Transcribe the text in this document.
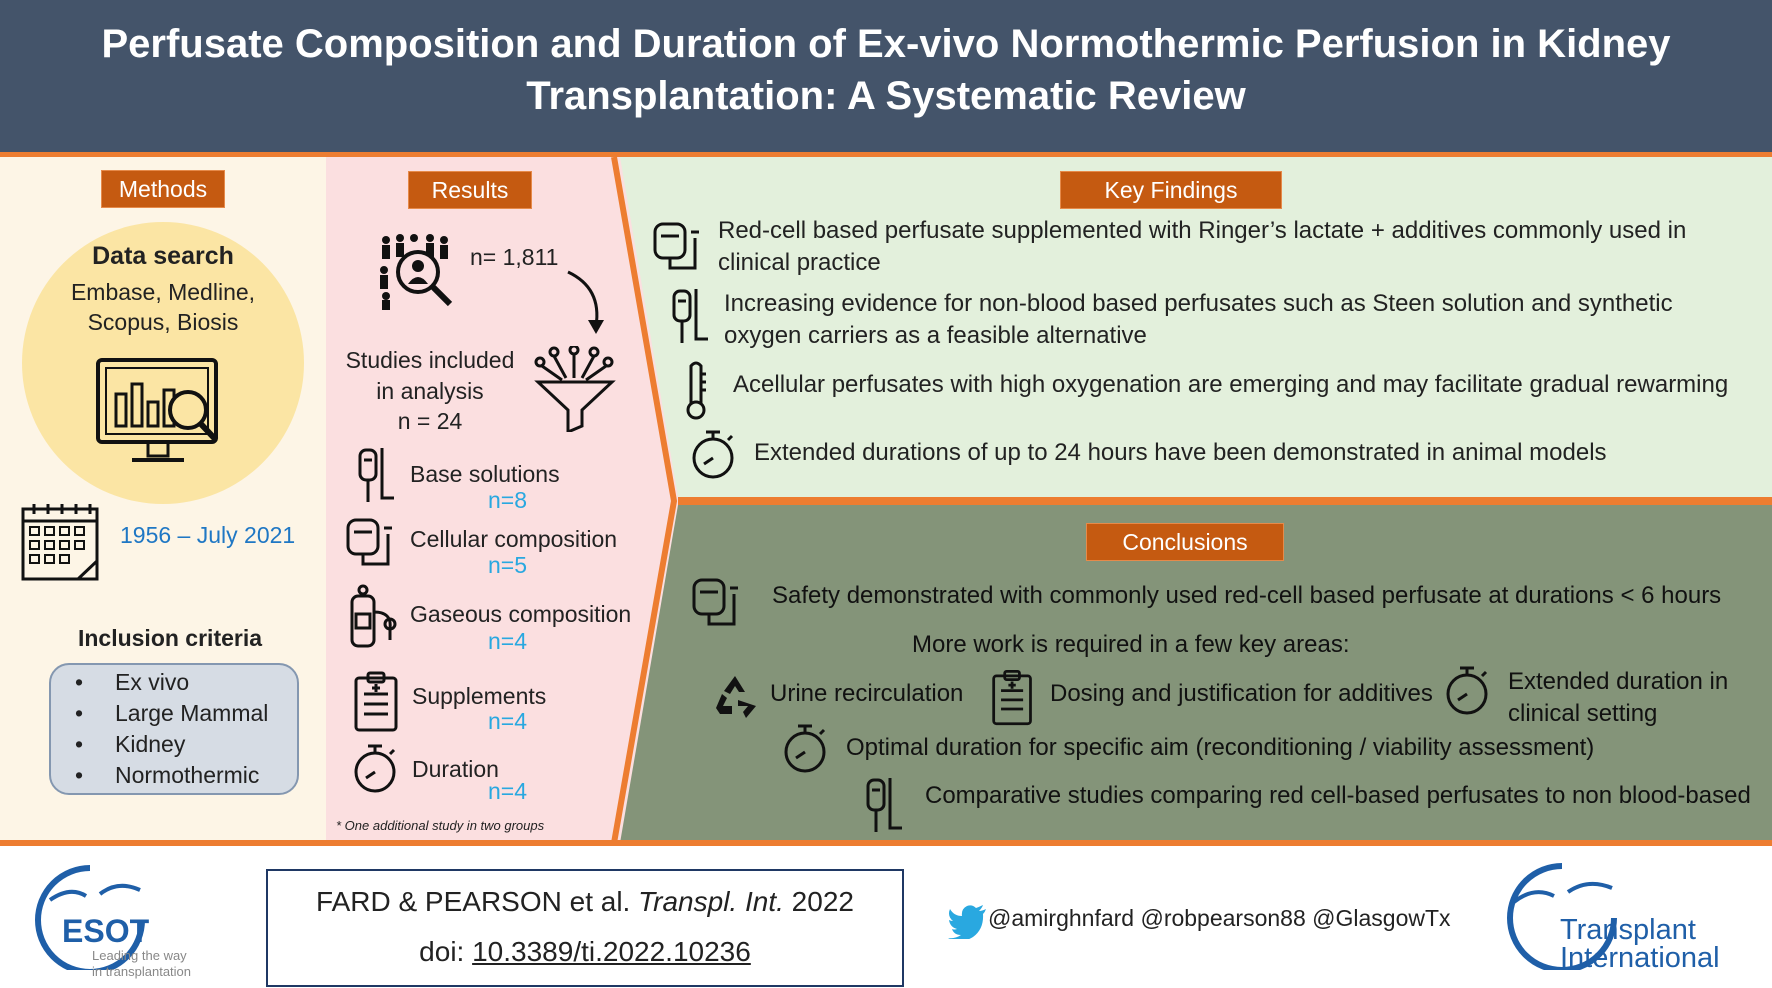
Perfusate Composition and Duration of Ex-vivo Normothermic Perfusion in Kidney Transplantation: A Systematic Review
Methods
Data search
Embase, Medline,
Scopus, Biosis
1956 – July 2021
Inclusion criteria
• Ex vivo
• Large Mammal
• Kidney
• Normothermic
Results
n= 1,811
Studies included
in analysis
n = 24
Base solutions
n=8
Cellular composition
n=5
Gaseous composition
n=4
Supplements
n=4
Duration
n=4
* One additional study in two groups
Key Findings
Red-cell based perfusate supplemented with Ringer’s lactate + additives commonly used in clinical practice
Increasing evidence for non-blood based perfusates such as Steen solution and synthetic oxygen carriers as a feasible alternative
Acellular perfusates with high oxygenation are emerging and may facilitate gradual rewarming
Extended durations of up to 24 hours have been demonstrated in animal models
Conclusions
Safety demonstrated with commonly used red-cell based perfusate at durations < 6 hours
More work is required in a few key areas:
Urine recirculation	Dosing and justification for additives	Extended duration in
clinical setting
Optimal duration for specific aim (reconditioning / viability assessment)
Comparative studies comparing red cell-based perfusates to non blood-based
ESOT
Leading the way
in transplantation
FARD & PEARSON et al. Transpl. Int. 2022
doi: 10.3389/ti.2022.10236
@amirghnfard @robpearson88 @GlasgowTx	Transplant
International
